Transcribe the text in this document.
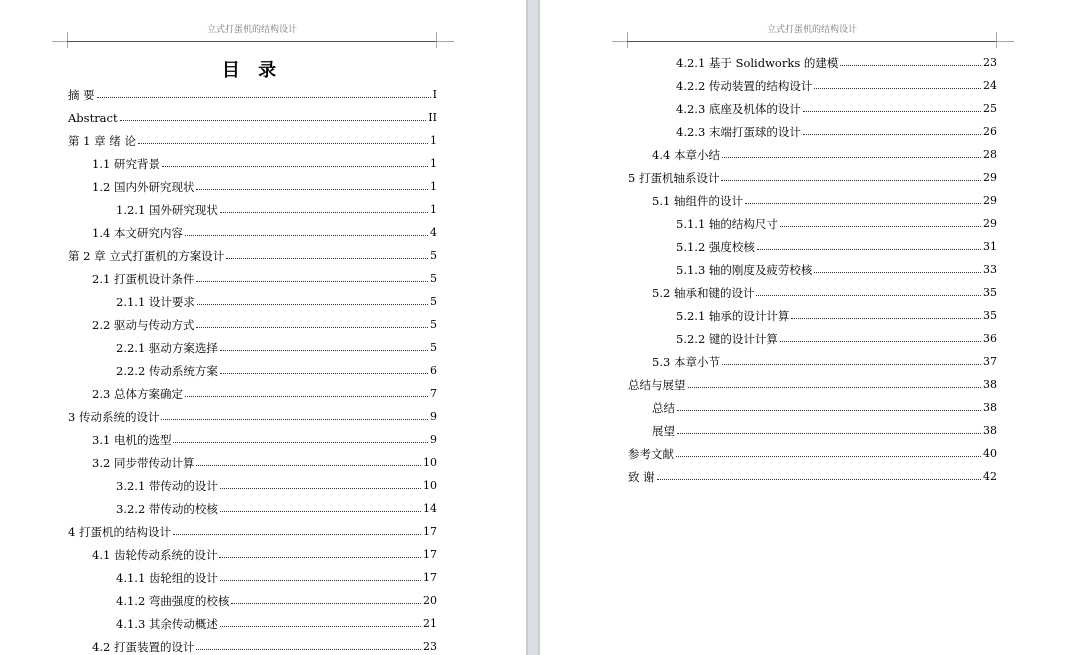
立式打蛋机的结构设计
目 录
摘 要	I
Abstract	II
第 1 章 绪 论	1
1.1 研究背景	1
1.2 国内外研究现状	1
1.2.1 国外研究现状	1
1.4 本文研究内容	4
第 2 章 立式打蛋机的方案设计	5
2.1 打蛋机设计条件	5
2.1.1 设计要求	5
2.2 驱动与传动方式	5
2.2.1 驱动方案选择	5
2.2.2 传动系统方案	6
2.3 总体方案确定	7
3 传动系统的设计	9
3.1 电机的选型	9
3.2 同步带传动计算	10
3.2.1 带传动的设计	10
3.2.2 带传动的校核	14
4 打蛋机的结构设计	17
4.1 齿轮传动系统的设计	17
4.1.1 齿轮组的设计	17
4.1.2 弯曲强度的校核	20
4.1.3 其余传动概述	21
4.2 打蛋装置的设计	23
立式打蛋机的结构设计
4.2.1 基于 Solidworks 的建模	23
4.2.2 传动装置的结构设计	24
4.2.3 底座及机体的设计	25
4.2.3 末端打蛋球的设计	26
4.4 本章小结	28
5 打蛋机轴系设计	29
5.1 轴组件的设计	29
5.1.1 轴的结构尺寸	29
5.1.2 强度校核	31
5.1.3 轴的刚度及疲劳校核	33
5.2 轴承和键的设计	35
5.2.1 轴承的设计计算	35
5.2.2 键的设计计算	36
5.3 本章小节	37
总结与展望	38
总结	38
展望	38
参考文献	40
致 谢	42
